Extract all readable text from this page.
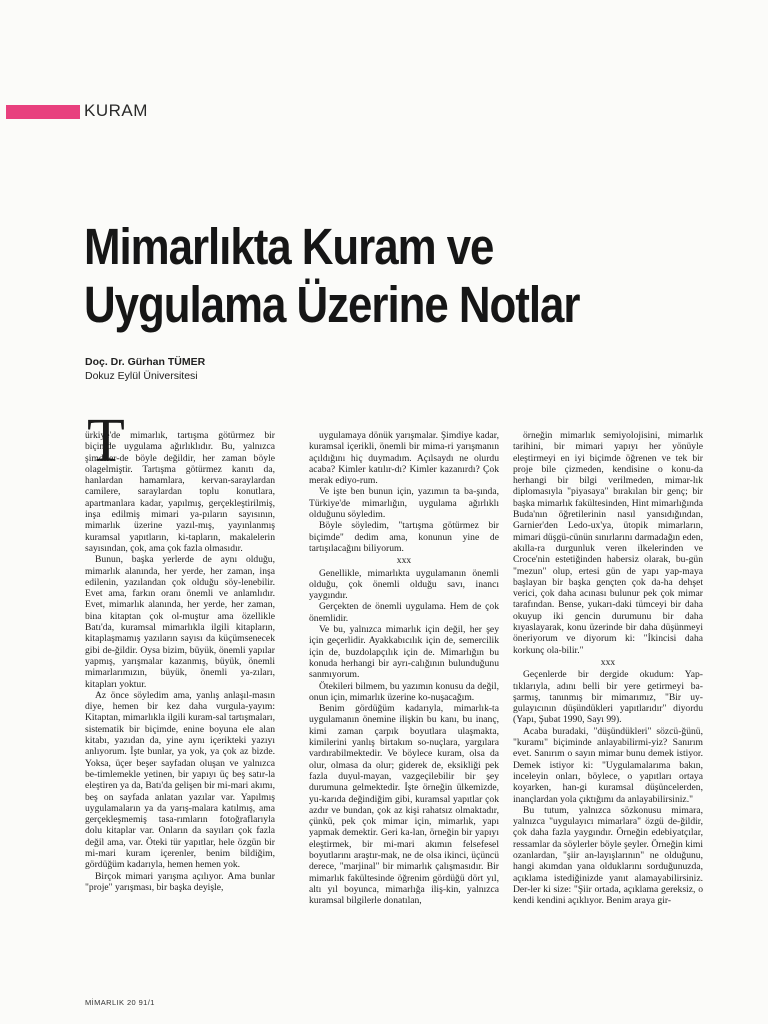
KURAM
Mimarlıkta Kuram ve Uygulama Üzerine Notlar
Doç. Dr. Gürhan TÜMER
Dokuz Eylül Üniversitesi
T

ürkiye'de mimarlık, tartışma götürmez bir biçimde uygulama ağırlıklıdır. Bu, yalnızca şimdiler-de böyle değildir, her zaman böyle olagelmiştir. Tartışma götürmez kanıtı da, hanlardan hamamlara, kervan-saraylardan camilere, saraylardan toplu konutlara, apartmanlara kadar, yapılmış, gerçekleştirilmiş, inşa edilmiş mimari ya-pıların sayısının, mimarlık üzerine yazıl-mış, yayınlanmış kuramsal yapıtların, ki-tapların, makalelerin sayısından, çok, ama çok fazla olmasıdır.

Bunun, başka yerlerde de aynı olduğu, mimarlık alanında, her yerde, her zaman, inşa edilenin, yazılandan çok olduğu söy-lenebilir. Evet ama, farkın oranı önemli ve anlamlıdır. Evet, mimarlık alanında, her yerde, her zaman, bina kitaptan çok ol-muştur ama özellikle Batı'da, kuramsal mimarlıkla ilgili kitapların, kitaplaşmamış yazıların sayısı da küçümsenecek gibi de-ğildir. Oysa bizim, büyük, önemli yapılar yapmış, yarışmalar kazanmış, büyük, önemli mimarlarımızın, büyük, önemli ya-zıları, kitapları yoktur.

Az önce söyledim ama, yanlış anlaşıl-masın diye, hemen bir kez daha vurgula-yayım: Kitaptan, mimarlıkla ilgili kuram-sal tartışmaları, sistematik bir biçimde, enine boyuna ele alan kitabı, yazıdan da, yine aynı içerikteki yazıyı anlıyorum. İşte bunlar, ya yok, ya çok az bizde. Yoksa, üçer beşer sayfadan oluşan ve yalnızca be-timlemekle yetinen, bir yapıyı üç beş satır-la eleştiren ya da, Batı'da gelişen bir mi-mari akımı, beş on sayfada anlatan yazılar var. Yapılmış uygulamaların ya da yarış-malara katılmış, ama gerçekleşmemiş tasa-rımların fotoğraflarıyla dolu kitaplar var. Onların da sayıları çok fazla değil ama, var. Öteki tür yapıtlar, hele özgün bir mi-mari kuram içerenler, benim bildiğim, gördüğüm kadarıyla, hemen hemen yok.

Birçok mimari yarışma açılıyor. Ama bunlar "proje" yarışması, bir başka deyişle,

uygulamaya dönük yarışmalar. Şimdiye kadar, kuramsal içerikli, önemli bir mima-ri yarışmanın açıldığını hiç duymadım. Açılsaydı ne olurdu acaba? Kimler katılır-dı? Kimler kazanırdı? Çok merak ediyo-rum.

Ve işte ben bunun için, yazımın ta ba-şında, Türkiye'de mimarlığın, uygulama ağırlıklı olduğunu söyledim.

Böyle söyledim, "tartışma götürmez bir biçimde" dedim ama, konunun yine de tartışılacağını biliyorum.

xxx

Genellikle, mimarlıkta uygulamanın önemli olduğu, çok önemli olduğu savı, inancı yaygındır.

Gerçekten de önemli uygulama. Hem de çok önemlidir.

Ve bu, yalnızca mimarlık için değil, her şey için geçerlidir. Ayakkabıcılık için de, semercilik için de, buzdolapçılık için de. Mimarlığın bu konuda herhangi bir ayrı-calığının bulunduğunu sanmıyorum.

Ötekileri bilmem, bu yazımın konusu da değil, onun için, mimarlık üzerine ko-nuşacağım.

Benim gördüğüm kadarıyla, mimarlık-ta uygulamanın önemine ilişkin bu kanı, bu inanç, kimi zaman çarpık boyutlara ulaşmakta, kimilerini yanlış birtakım so-nuçlara, yargılara vardırabilmektedir. Ve böylece kuram, olsa da olur, olmasa da olur; giderek de, eksikliği pek fazla duyul-mayan, vazgeçilebilir bir şey durumuna gelmektedir. İşte örneğin ülkemizde, yu-karıda değindiğim gibi, kuramsal yapıtlar çok azdır ve bundan, çok az kişi rahatsız olmaktadır, çünkü, pek çok mimar için, mimarlık, yapı yapmak demektir. Geri ka-lan, örneğin bir yapıyı eleştirmek, bir mi-mari akımın felsefesel boyutlarını araştır-mak, ne de olsa ikinci, üçüncü derece, "marjinal" bir mimarlık çalışmasıdır. Bir mimarlık fakültesinde öğrenim gördüğü dört yıl, altı yıl boyunca, mimarlığa iliş-kin, yalnızca kuramsal bilgilerle donatılan,

örneğin mimarlık semiyolojisini, mimarlık tarihini, bir mimari yapıyı her yönüyle eleştirmeyi en iyi biçimde öğrenen ve tek bir proje bile çizmeden, kendisine o konu-da herhangi bir bilgi verilmeden, mimar-lık diplomasıyla "piyasaya" bırakılan bir genç; bir başka mimarlık fakültesinden, Hint mimarlığında Buda'nın öğretilerinin nasıl yansıdığından, Garnier'den Ledo-ux'ya, ütopik mimarların, mimari düşgü-cünün sınırlarını darmadağın eden, akılla-ra durgunluk veren ilkelerinden ve Croce'nin estetiğinden habersiz olarak, bu-gün "mezun" olup, ertesi gün de yapı yap-maya başlayan bir başka gençten çok da-ha dehşet verici, çok daha acınası bulunur pek çok mimar tarafından. Bense, yukarı-daki tümceyi bir daha okuyup iki gencin durumunu bir daha kıyaslayarak, konu üzerinde bir daha düşünmeyi öneriyorum ve diyorum ki: "İkincisi daha korkunç ola-bilir."

xxx

Geçenlerde bir dergide okudum: Yap-tıklarıyla, adını belli bir yere getirmeyi ba-şarmış, tanınmış bir mimarımız, "Bir uy-gulayıcının düşündükleri yapıtlarıdır" diyordu (Yapı, Şubat 1990, Sayı 99).

Acaba buradaki, "düşündükleri" sözcü-ğünü, "kuramı" biçiminde anlayabilirmi-yiz? Sanırım evet. Sanırım o sayın mimar bunu demek istiyor. Demek istiyor ki: "Uygulamalarıma bakın, inceleyin onları, böylece, o yapıtları ortaya koyarken, han-gi kuramsal düşüncelerden, inançlardan yola çıktığımı da anlayabilirsiniz."

Bu tutum, yalnızca sözkonusu mimara, yalnızca "uygulayıcı mimarlara" özgü de-ğildir, çok daha fazla yaygındır. Örneğin edebiyatçılar, ressamlar da söylerler böyle şeyler. Örneğin kimi ozanlardan, "şiir an-layışlarının" ne olduğunu, hangi akımdan yana olduklarını sorduğunuzda, açıklama istediğinizde yanıt alamayabilirsiniz. Der-ler ki size: "Şiir ortada, açıklama gereksiz, o kendi kendini açıklıyor. Benim araya gir-

MİMARLIK 20 91/1
